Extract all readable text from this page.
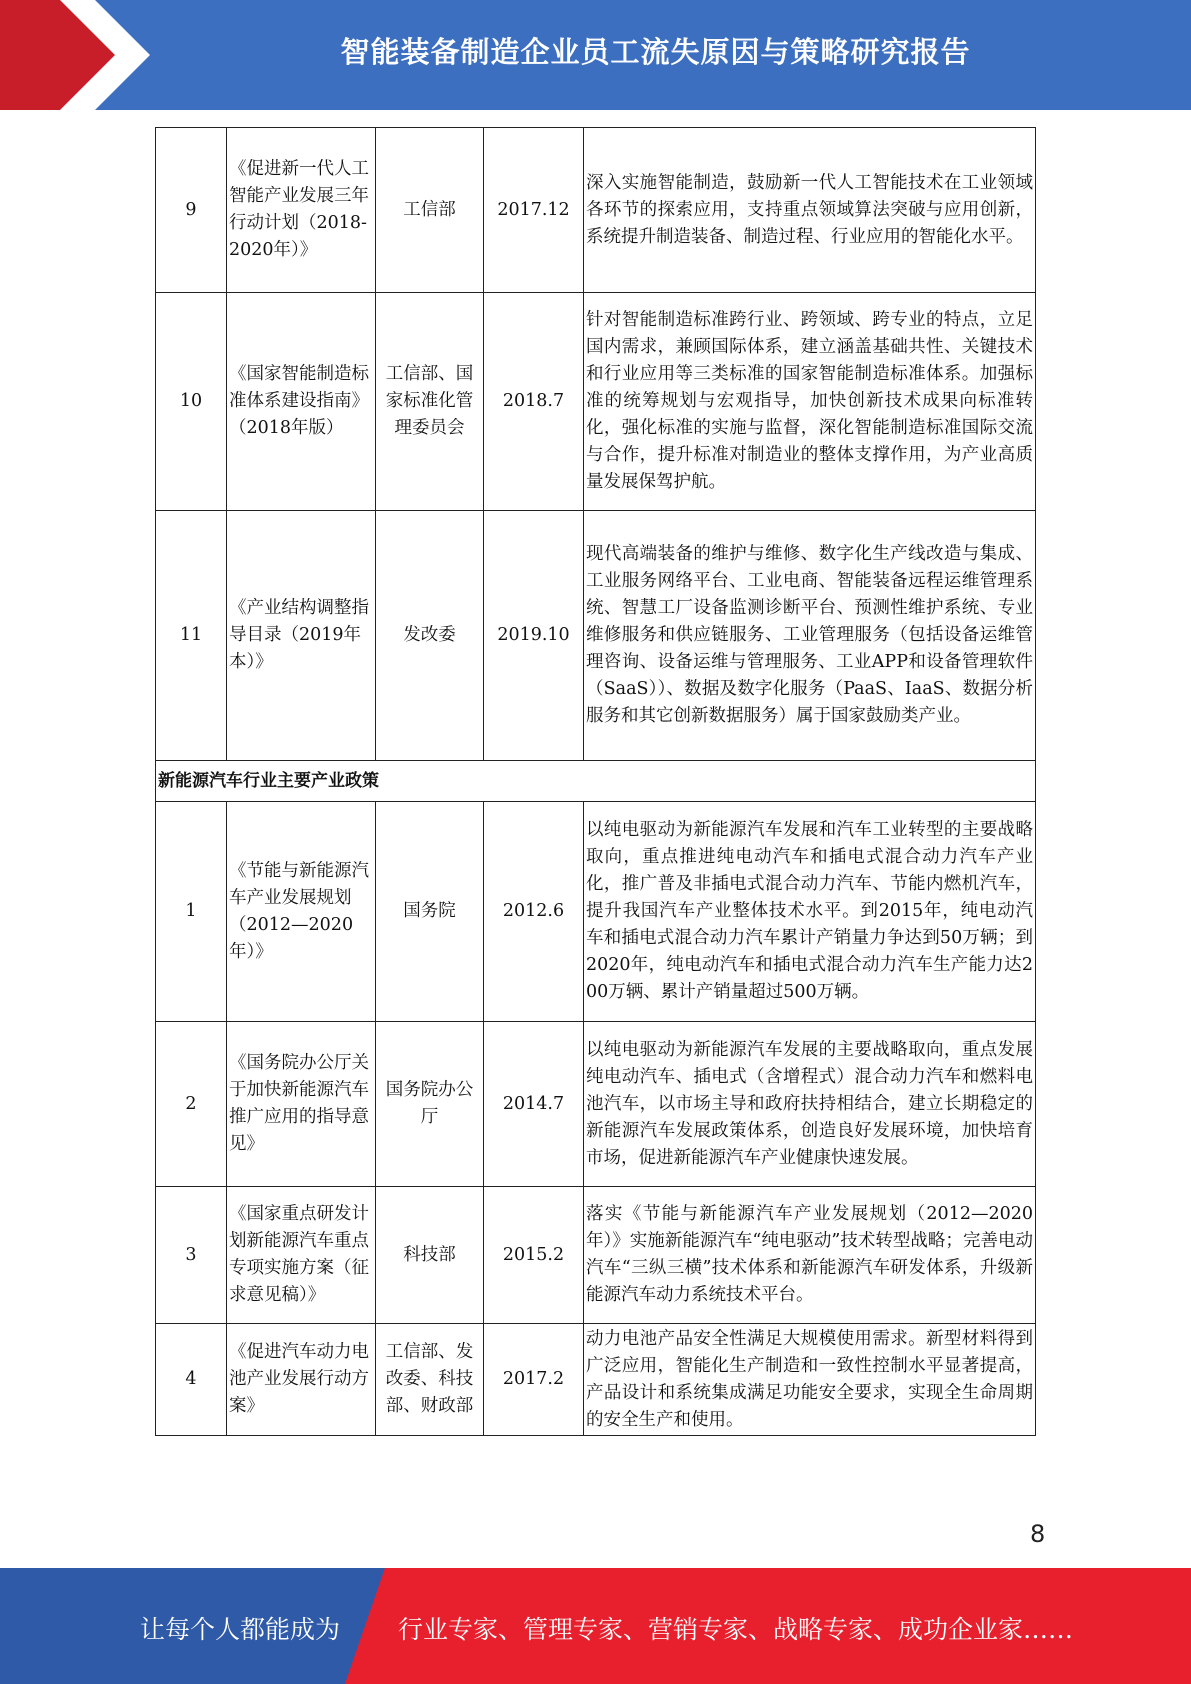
智能装备制造企业员工流失原因与策略研究报告
9	《促进新一代人工智能产业发展三年行动计划（2018-2020年）》	工信部	2017.12	深入实施智能制造，鼓励新一代人工智能技术在工业领域各环节的探索应用，支持重点领域算法突破与应用创新，系统提升制造装备、制造过程、行业应用的智能化水平。
10	《国家智能制造标准体系建设指南》（2018年版）	工信部、国家标准化管理委员会	2018.7	针对智能制造标准跨行业、跨领域、跨专业的特点，立足国内需求，兼顾国际体系，建立涵盖基础共性、关键技术和行业应用等三类标准的国家智能制造标准体系。加强标准的统筹规划与宏观指导，加快创新技术成果向标准转化，强化标准的实施与监督，深化智能制造标准国际交流与合作，提升标准对制造业的整体支撑作用，为产业高质量发展保驾护航。
11	《产业结构调整指导目录（2019年本）》	发改委	2019.10	现代高端装备的维护与维修、数字化生产线改造与集成、工业服务网络平台、工业电商、智能装备远程运维管理系统、智慧工厂设备监测诊断平台、预测性维护系统、专业维修服务和供应链服务、工业管理服务（包括设备运维管理咨询、设备运维与管理服务、工业APP和设备管理软件（SaaS））、数据及数字化服务（PaaS、IaaS、数据分析服务和其它创新数据服务）属于国家鼓励类产业。
新能源汽车行业主要产业政策				
1	《节能与新能源汽车产业发展规划（2012—2020年）》	国务院	2012.6	以纯电驱动为新能源汽车发展和汽车工业转型的主要战略取向，重点推进纯电动汽车和插电式混合动力汽车产业化，推广普及非插电式混合动力汽车、节能内燃机汽车，提升我国汽车产业整体技术水平。到2015年，纯电动汽车和插电式混合动力汽车累计产销量力争达到50万辆；到2020年，纯电动汽车和插电式混合动力汽车生产能力达200万辆、累计产销量超过500万辆。
2	《国务院办公厅关于加快新能源汽车推广应用的指导意见》	国务院办公厅	2014.7	以纯电驱动为新能源汽车发展的主要战略取向，重点发展纯电动汽车、插电式（含增程式）混合动力汽车和燃料电池汽车，以市场主导和政府扶持相结合，建立长期稳定的新能源汽车发展政策体系，创造良好发展环境，加快培育市场，促进新能源汽车产业健康快速发展。
3	《国家重点研发计划新能源汽车重点专项实施方案（征求意见稿）》	科技部	2015.2	落实《节能与新能源汽车产业发展规划（2012—2020年）》实施新能源汽车“纯电驱动”技术转型战略；完善电动汽车“三纵三横”技术体系和新能源汽车研发体系，升级新能源汽车动力系统技术平台。
4	《促进汽车动力电池产业发展行动方案》	工信部、发改委、科技部、财政部	2017.2	动力电池产品安全性满足大规模使用需求。新型材料得到广泛应用，智能化生产制造和一致性控制水平显著提高，产品设计和系统集成满足功能安全要求，实现全生命周期的安全生产和使用。
8
让每个人都能成为 行业专家、管理专家、营销专家、战略专家、成功企业家……
